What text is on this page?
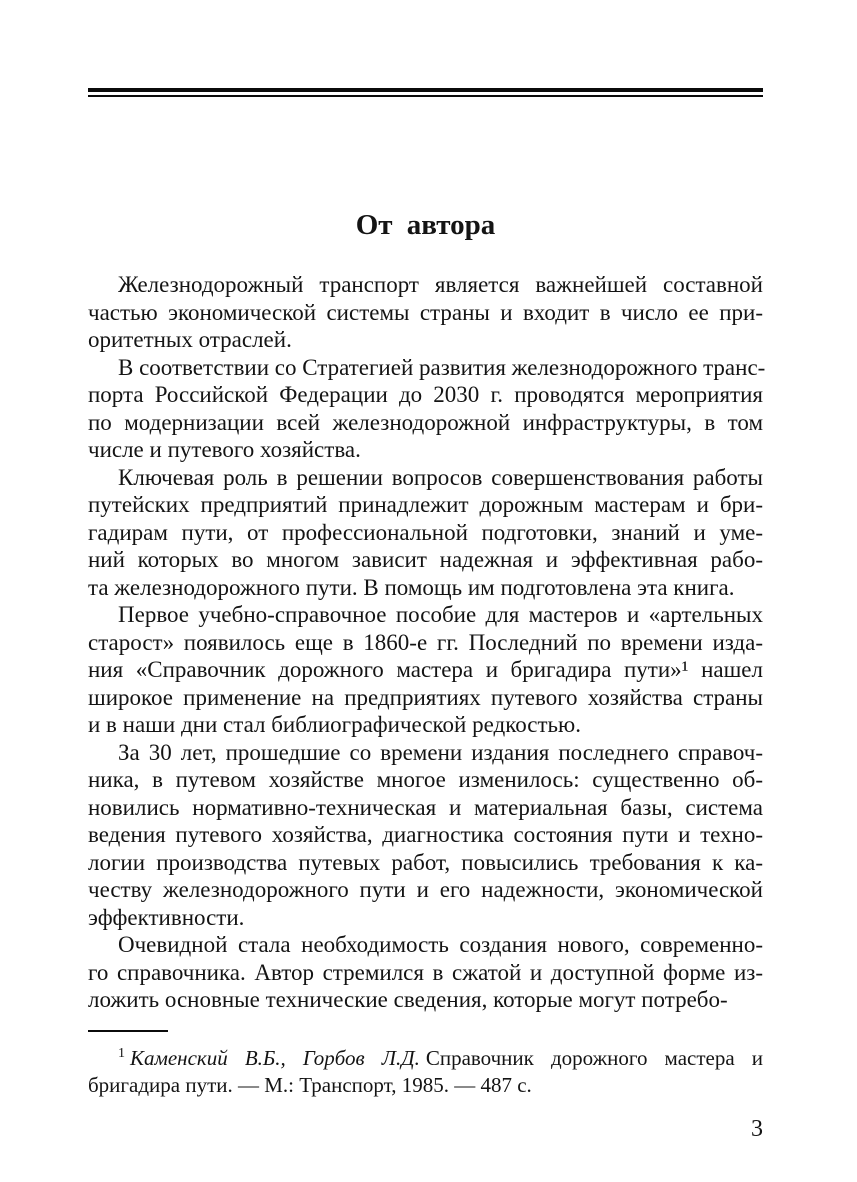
От автора
Железнодорожный транспорт является важнейшей составной
частью экономической системы страны и входит в число ее при-
оритетных отраслей.
В соответствии со Стратегией развития железнодорожного транс-
порта Российской Федерации до 2030 г. проводятся мероприятия
по модернизации всей железнодорожной инфраструктуры, в том
числе и путевого хозяйства.
Ключевая роль в решении вопросов совершенствования работы
путейских предприятий принадлежит дорожным мастерам и бри-
гадирам пути, от профессиональной подготовки, знаний и уме-
ний которых во многом зависит надежная и эффективная рабо-
та железнодорожного пути. В помощь им подготовлена эта книга.
Первое учебно-справочное пособие для мастеров и «артельных
старост» появилось еще в 1860-е гг. Последний по времени изда-
ния «Справочник дорожного мастера и бригадира пути»¹ нашел
широкое применение на предприятиях путевого хозяйства страны
и в наши дни стал библиографической редкостью.
За 30 лет, прошедшие со времени издания последнего справоч-
ника, в путевом хозяйстве многое изменилось: существенно об-
новились нормативно-техническая и материальная базы, система
ведения путевого хозяйства, диагностика состояния пути и техно-
логии производства путевых работ, повысились требования к ка-
честву железнодорожного пути и его надежности, экономической
эффективности.
Очевидной стала необходимость создания нового, современно-
го справочника. Автор стремился в сжатой и доступной форме из-
ложить основные технические сведения, которые могут потребо-
$^1$ Каменский В.Б., Горбов Л.Д. Справочник дорожного мастера и бригадира пути. — М.: Транспорт, 1985. — 487 с.
3
